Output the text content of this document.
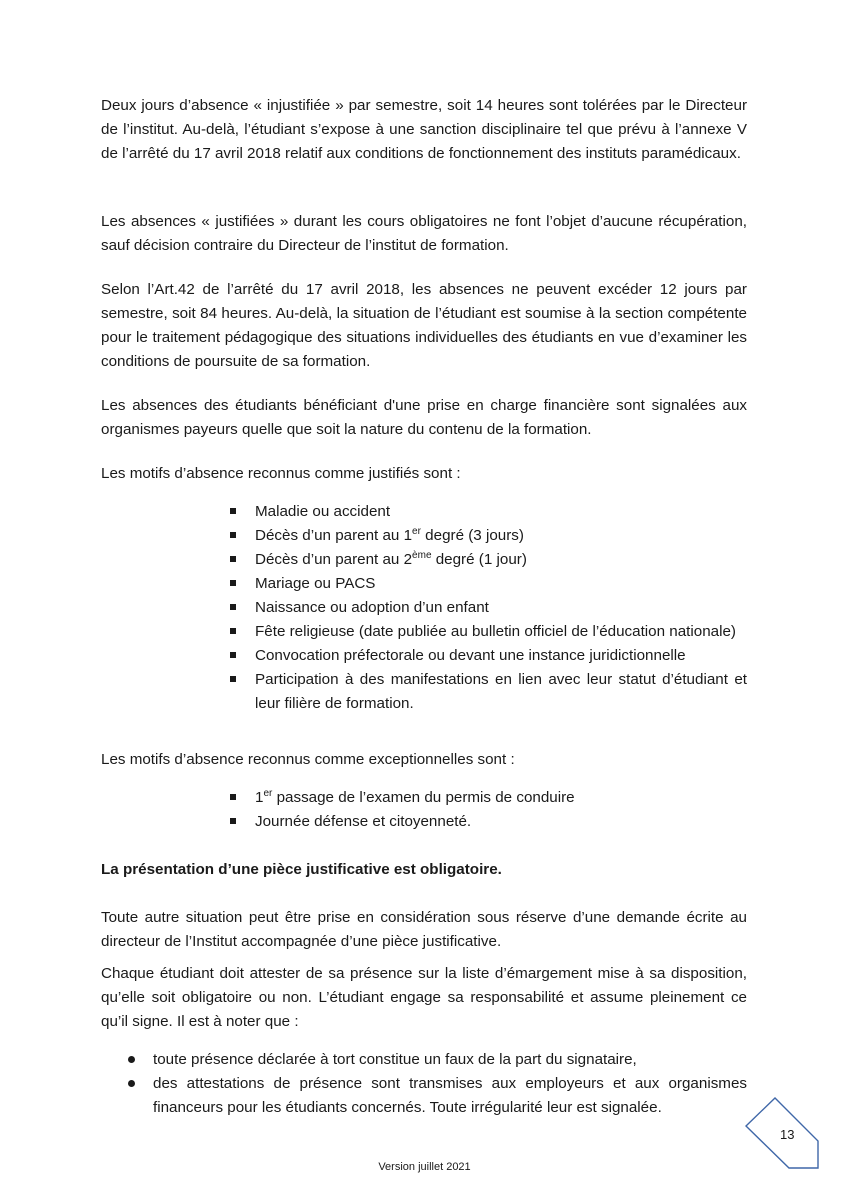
Deux jours d’absence « injustifiée » par semestre, soit 14 heures sont tolérées par le Directeur de l’institut. Au-delà, l’étudiant s’expose à une sanction disciplinaire tel que prévu à l’annexe V de l’arrêté du 17 avril 2018 relatif aux conditions de fonctionnement des instituts paramédicaux.

Les absences « justifiées » durant les cours obligatoires ne font l’objet d’aucune récupération, sauf décision contraire du Directeur de l’institut de formation.

Selon l’Art.42 de l’arrêté du 17 avril 2018, les absences ne peuvent excéder 12 jours par semestre, soit 84 heures. Au-delà, la situation de l’étudiant est soumise à la section compétente pour le traitement pédagogique des situations individuelles des étudiants en vue d’examiner les conditions de poursuite de sa formation.

Les absences des étudiants bénéficiant d'une prise en charge financière sont signalées aux organismes payeurs quelle que soit la nature du contenu de la formation.

Les motifs d’absence reconnus comme justifiés sont :

Maladie ou accident
Décès d’un parent au 1er degré (3 jours)
Décès d’un parent au 2ème degré (1 jour)
Mariage ou PACS
Naissance ou adoption d’un enfant
Fête religieuse (date publiée au bulletin officiel de l’éducation nationale)
Convocation préfectorale ou devant une instance juridictionnelle
Participation à des manifestations en lien avec leur statut d’étudiant et leur filière de formation.

Les motifs d’absence reconnus comme exceptionnelles sont :

1er passage de l’examen du permis de conduire
Journée défense et citoyenneté.

La présentation d’une pièce justificative est obligatoire.

Toute autre situation peut être prise en considération sous réserve d’une demande écrite au directeur de l’Institut accompagnée d’une pièce justificative.

Chaque étudiant doit attester de sa présence sur la liste d’émargement mise à sa disposition, qu’elle soit obligatoire ou non. L’étudiant engage sa responsabilité et assume pleinement ce qu’il signe. Il est à noter que :

toute présence déclarée à tort constitue un faux de la part du signataire,
des attestations de présence sont transmises aux employeurs et aux organismes financeurs pour les étudiants concernés. Toute irrégularité leur est signalée.
13
Version juillet 2021
